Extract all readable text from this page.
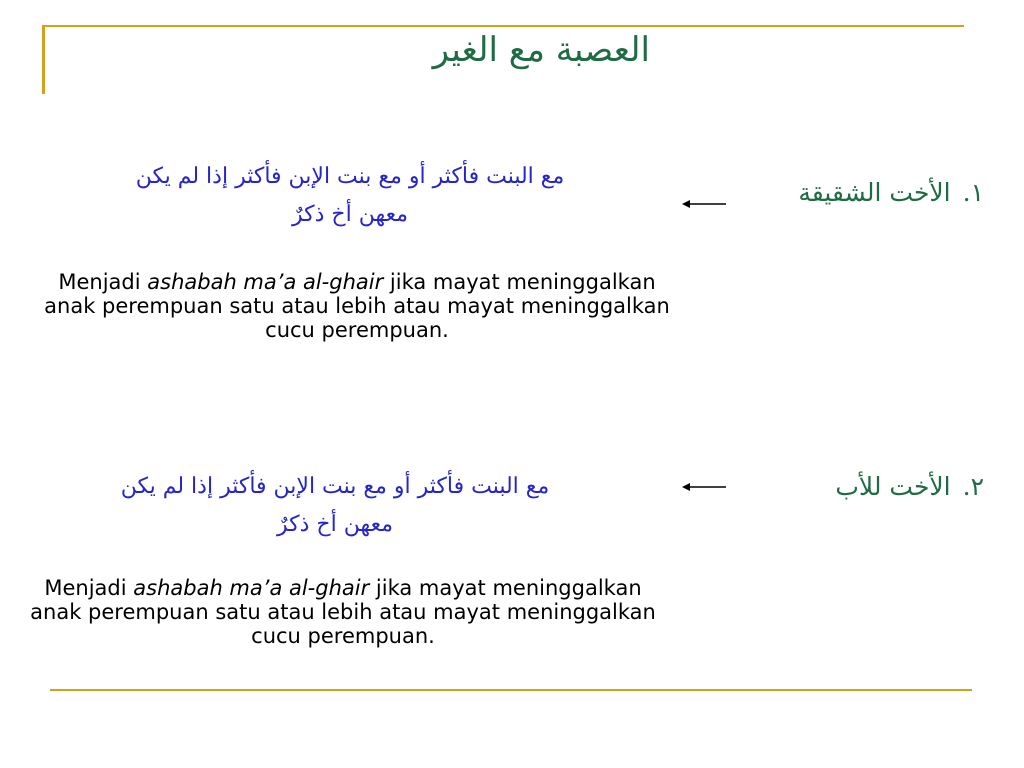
العصبة مع الغير
١.الأخت الشقيقة
مع البنت فأكثر أو مع بنت الإبن فأكثر إذا لم يكن
معهن أخ ذكرٌ
Menjadi ashabah ma’a al-ghair jika mayat meninggalkan anak perempuan satu atau lebih atau mayat meninggalkan cucu perempuan.
٢.الأخت للأب
مع البنت فأكثر أو مع بنت الإبن فأكثر إذا لم يكن
معهن أخ ذكرٌ
Menjadi ashabah ma’a al-ghair jika mayat meninggalkan anak perempuan satu atau lebih atau mayat meninggalkan cucu perempuan.
